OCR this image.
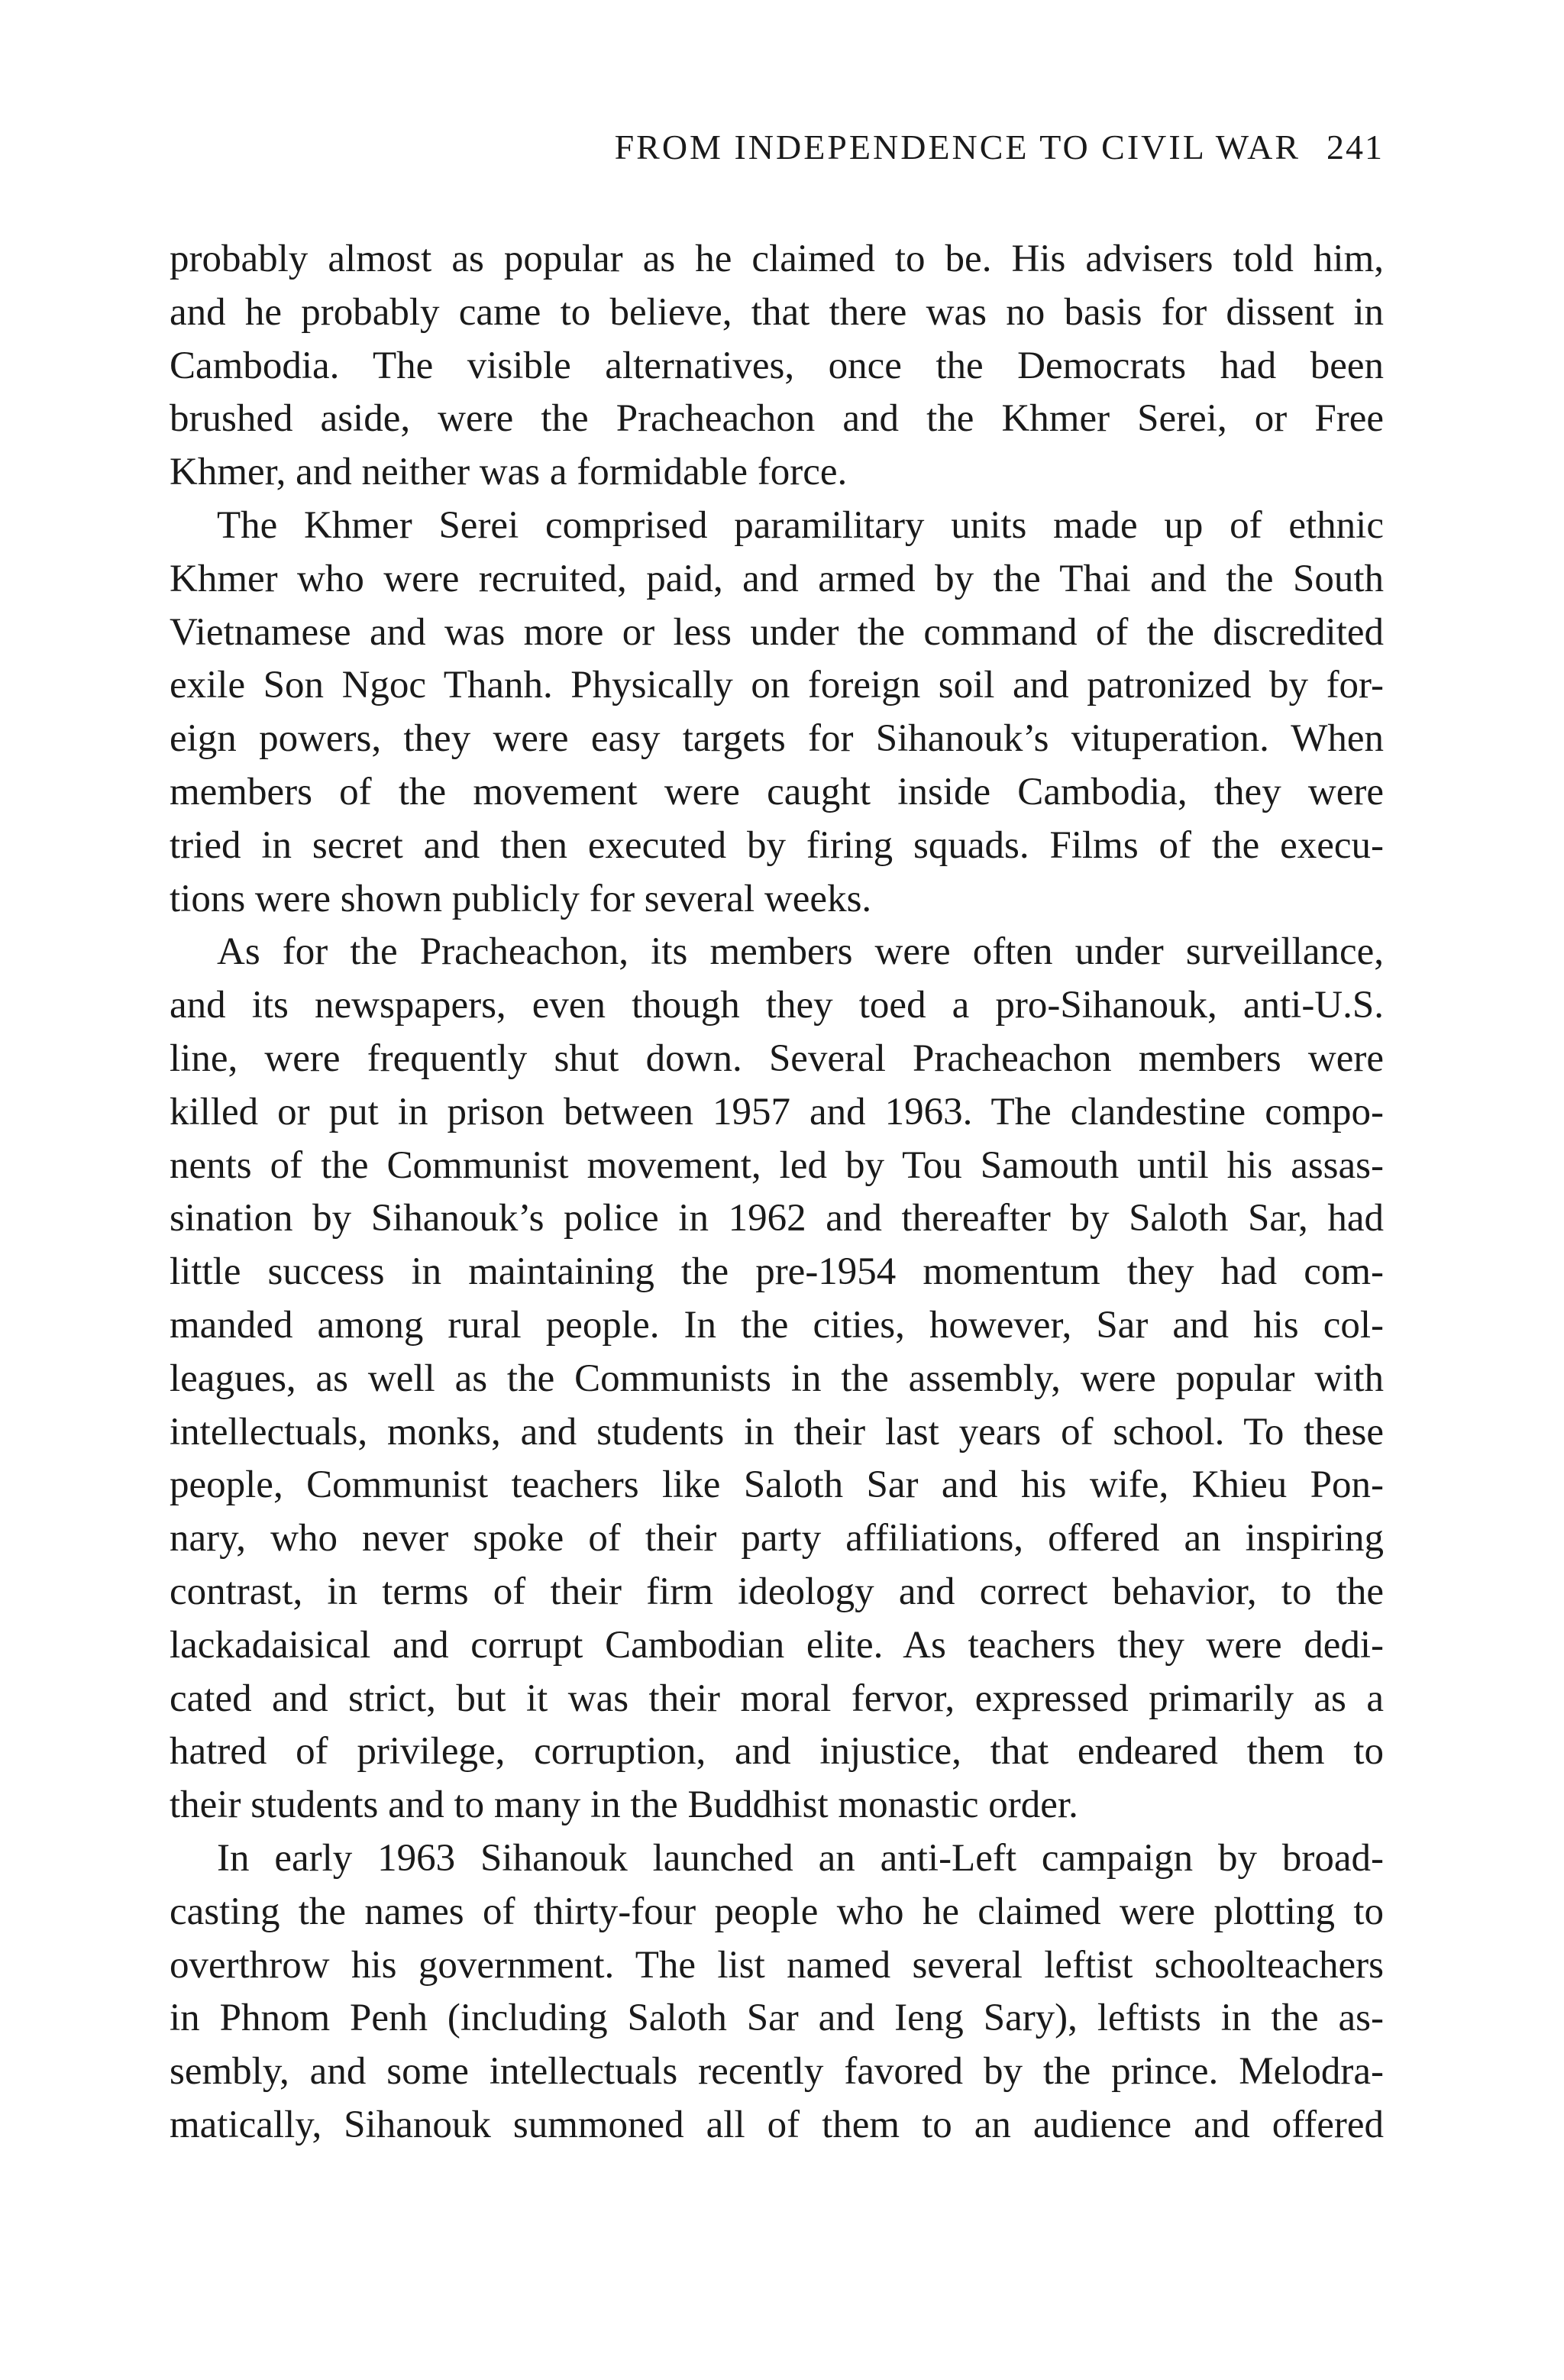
FROM INDEPENDENCE TO CIVIL WAR 241
probably almost as popular as he claimed to be. His advisers told him,
and he probably came to believe, that there was no basis for dissent in
Cambodia. The visible alternatives, once the Democrats had been
brushed aside, were the Pracheachon and the Khmer Serei, or Free
Khmer, and neither was a formidable force.
The Khmer Serei comprised paramilitary units made up of ethnic
Khmer who were recruited, paid, and armed by the Thai and the South
Vietnamese and was more or less under the command of the discredited
exile Son Ngoc Thanh. Physically on foreign soil and patronized by for-
eign powers, they were easy targets for Sihanouk’s vituperation. When
members of the movement were caught inside Cambodia, they were
tried in secret and then executed by firing squads. Films of the execu-
tions were shown publicly for several weeks.
As for the Pracheachon, its members were often under surveillance,
and its newspapers, even though they toed a pro-Sihanouk, anti-U.S.
line, were frequently shut down. Several Pracheachon members were
killed or put in prison between 1957 and 1963. The clandestine compo-
nents of the Communist movement, led by Tou Samouth until his assas-
sination by Sihanouk’s police in 1962 and thereafter by Saloth Sar, had
little success in maintaining the pre-1954 momentum they had com-
manded among rural people. In the cities, however, Sar and his col-
leagues, as well as the Communists in the assembly, were popular with
intellectuals, monks, and students in their last years of school. To these
people, Communist teachers like Saloth Sar and his wife, Khieu Pon-
nary, who never spoke of their party affiliations, offered an inspiring
contrast, in terms of their firm ideology and correct behavior, to the
lackadaisical and corrupt Cambodian elite. As teachers they were dedi-
cated and strict, but it was their moral fervor, expressed primarily as a
hatred of privilege, corruption, and injustice, that endeared them to
their students and to many in the Buddhist monastic order.
In early 1963 Sihanouk launched an anti-Left campaign by broad-
casting the names of thirty-four people who he claimed were plotting to
overthrow his government. The list named several leftist schoolteachers
in Phnom Penh (including Saloth Sar and Ieng Sary), leftists in the as-
sembly, and some intellectuals recently favored by the prince. Melodra-
matically, Sihanouk summoned all of them to an audience and offered
